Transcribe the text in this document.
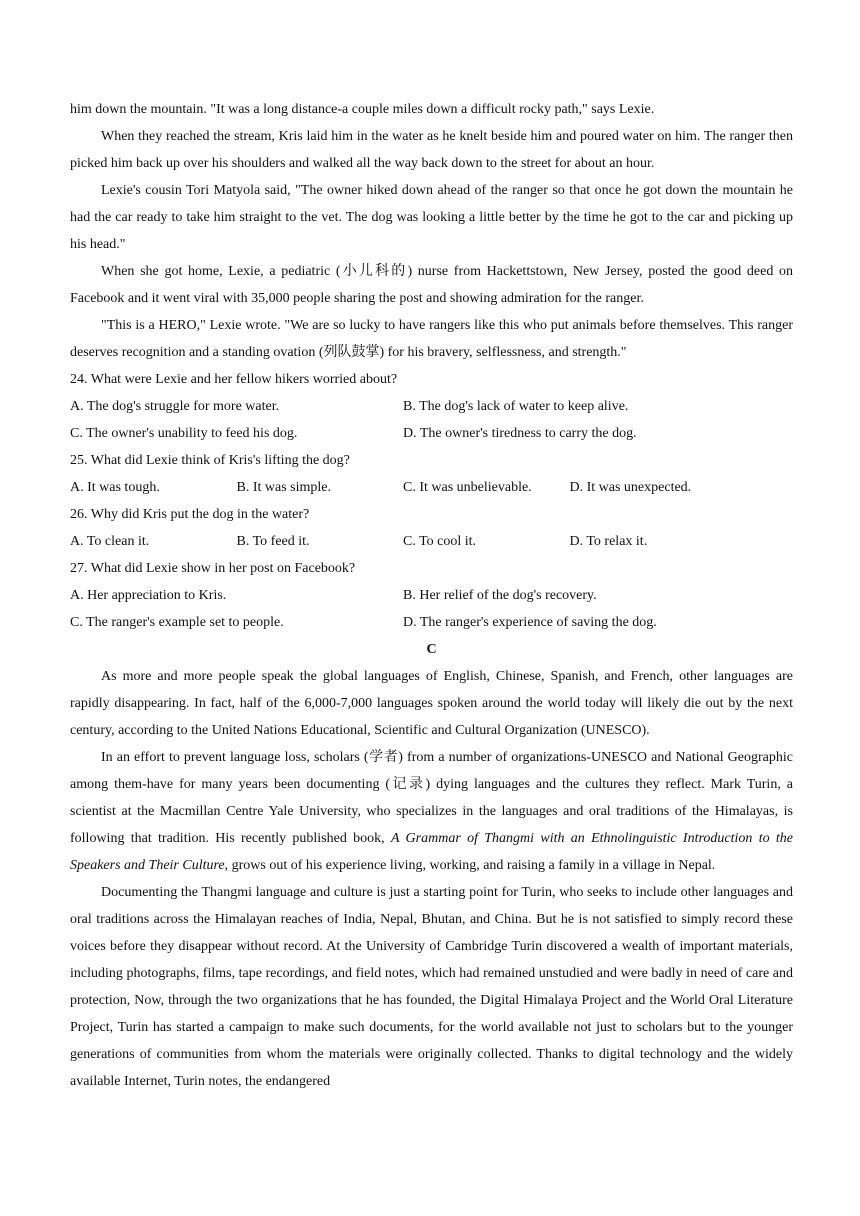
him down the mountain. "It was a long distance-a couple miles down a difficult rocky path," says Lexie.

When they reached the stream, Kris laid him in the water as he knelt beside him and poured water on him. The ranger then picked him back up over his shoulders and walked all the way back down to the street for about an hour.

Lexie's cousin Tori Matyola said, "The owner hiked down ahead of the ranger so that once he got down the mountain he had the car ready to take him straight to the vet. The dog was looking a little better by the time he got to the car and picking up his head."

When she got home, Lexie, a pediatric (小儿科的) nurse from Hackettstown, New Jersey, posted the good deed on Facebook and it went viral with 35,000 people sharing the post and showing admiration for the ranger.

"This is a HERO," Lexie wrote. "We are so lucky to have rangers like this who put animals before themselves. This ranger deserves recognition and a standing ovation (列队鼓掌) for his bravery, selflessness, and strength."

24. What were Lexie and her fellow hikers worried about?

A. The dog's struggle for more water.	B. The dog's lack of water to keep alive.
C. The owner's unability to feed his dog.	D. The owner's tiredness to carry the dog.

25. What did Lexie think of Kris's lifting the dog?

A. It was tough.	B. It was simple.	C. It was unbelievable.	D. It was unexpected.

26. Why did Kris put the dog in the water?

A. To clean it.	B. To feed it.	C. To cool it.	D. To relax it.

27. What did Lexie show in her post on Facebook?

A. Her appreciation to Kris.	B. Her relief of the dog's recovery.
C. The ranger's example set to people.	D. The ranger's experience of saving the dog.

C

As more and more people speak the global languages of English, Chinese, Spanish, and French, other languages are rapidly disappearing. In fact, half of the 6,000-7,000 languages spoken around the world today will likely die out by the next century, according to the United Nations Educational, Scientific and Cultural Organization (UNESCO).

In an effort to prevent language loss, scholars (学者) from a number of organizations-UNESCO and National Geographic among them-have for many years been documenting (记录) dying languages and the cultures they reflect. Mark Turin, a scientist at the Macmillan Centre Yale University, who specializes in the languages and oral traditions of the Himalayas, is following that tradition. His recently published book, A Grammar of Thangmi with an Ethnolinguistic Introduction to the Speakers and Their Culture, grows out of his experience living, working, and raising a family in a village in Nepal.

Documenting the Thangmi language and culture is just a starting point for Turin, who seeks to include other languages and oral traditions across the Himalayan reaches of India, Nepal, Bhutan, and China. But he is not satisfied to simply record these voices before they disappear without record. At the University of Cambridge Turin discovered a wealth of important materials, including photographs, films, tape recordings, and field notes, which had remained unstudied and were badly in need of care and protection, Now, through the two organizations that he has founded, the Digital Himalaya Project and the World Oral Literature Project, Turin has started a campaign to make such documents, for the world available not just to scholars but to the younger generations of communities from whom the materials were originally collected. Thanks to digital technology and the widely available Internet, Turin notes, the endangered
